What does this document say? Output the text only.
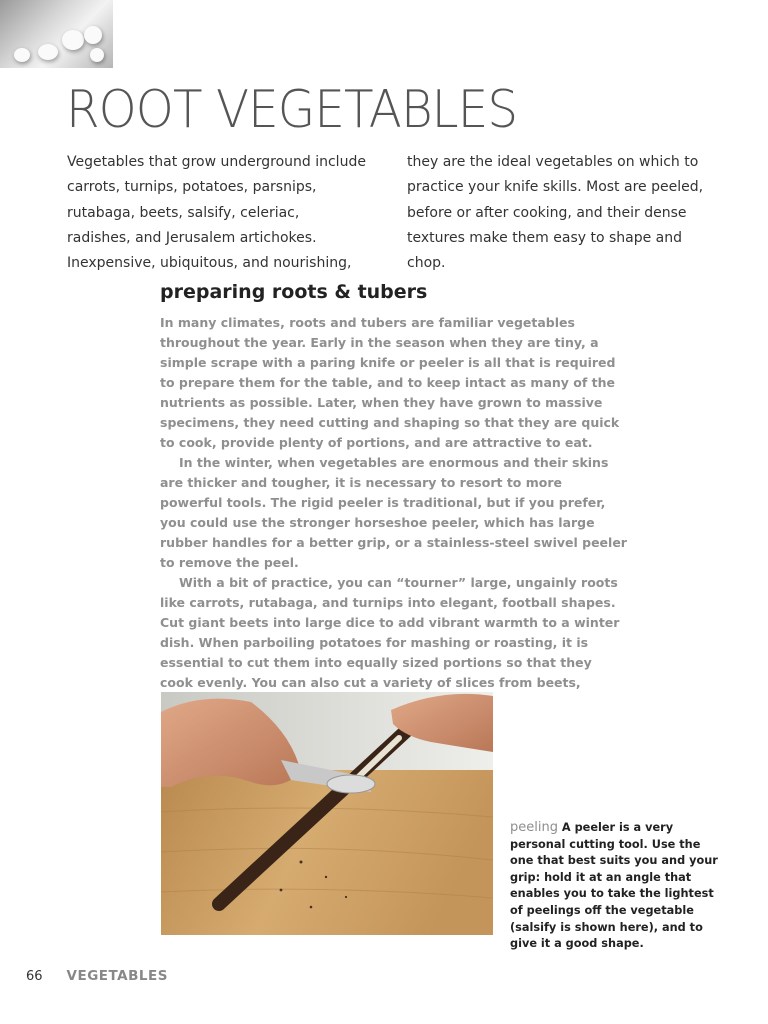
ROOT VEGETABLES

Vegetables that grow underground include carrots, turnips, potatoes, parsnips, rutabaga, beets, salsify, celeriac, radishes, and Jerusalem artichokes. Inexpensive, ubiquitous, and nourishing, they are the ideal vegetables on which to practice your knife skills. Most are peeled, before or after cooking, and their dense textures make them easy to shape and chop.

preparing roots & tubers

In many climates, roots and tubers are familiar vegetables throughout the year. Early in the season when they are tiny, a simple scrape with a paring knife or peeler is all that is required to prepare them for the table, and to keep intact as many of the nutrients as possible. Later, when they have grown to massive specimens, they need cutting and shaping so that they are quick to cook, provide plenty of portions, and are attractive to eat.

In the winter, when vegetables are enormous and their skins are thicker and tougher, it is necessary to resort to more powerful tools. The rigid peeler is traditional, but if you prefer, you could use the stronger horseshoe peeler, which has large rubber handles for a better grip, or a stainless-steel swivel peeler to remove the peel.

With a bit of practice, you can “tourner” large, ungainly roots like carrots, rutabaga, and turnips into elegant, football shapes. Cut giant beets into large dice to add vibrant warmth to a winter dish. When parboiling potatoes for mashing or roasting, it is essential to cut them into equally sized portions so that they cook evenly. You can also cut a variety of slices from beets,

peeling A peeler is a very personal cutting tool. Use the one that best suits you and your grip: hold it at an angle that enables you to take the lightest of peelings off the vegetable (salsify is shown here), and to give it a good shape.
66 VEGETABLES
